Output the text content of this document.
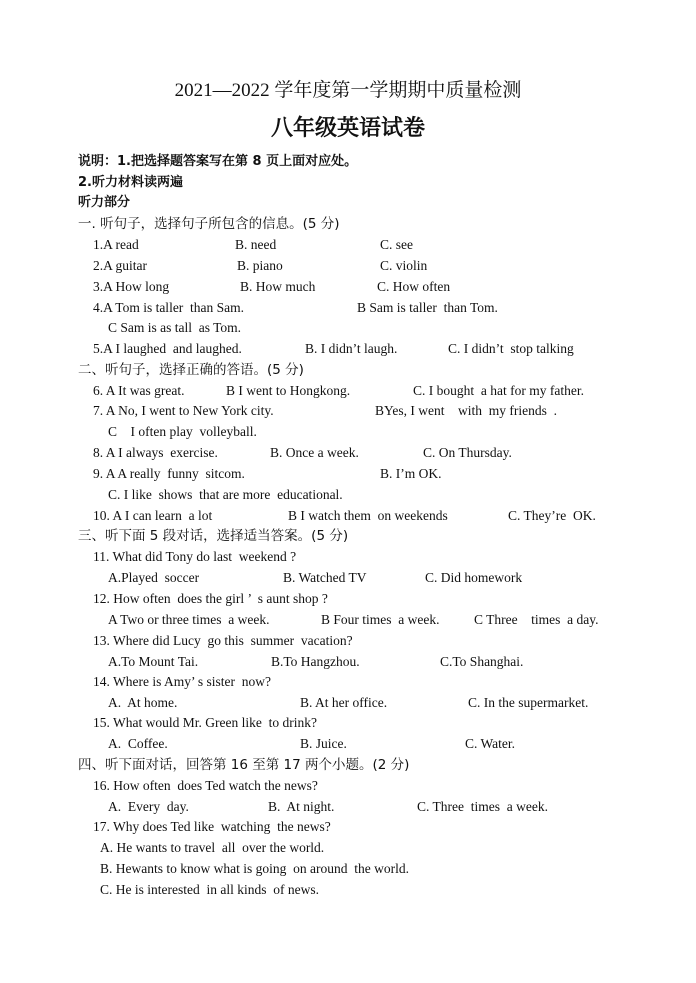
2021—2022 学年度第一学期期中质量检测
八年级英语试卷
说明：1.把选择题答案写在第 8 页上面对应处。
2.听力材料读两遍
听力部分
一. 听句子，选择句子所包含的信息。(5 分)
1.A read	B. need	C. see
2.A guitar	B. piano	C. violin
3.A How long	B. How much	C. How often
4.A Tom is taller  than Sam.	B Sam is taller  than Tom.
C Sam is as tall  as Tom.
5.A I laughed  and laughed.	B. I didn’t laugh.	C. I didn’t  stop talking
二、听句子，选择正确的答语。(5 分)
6. A It was great.	B I went to Hongkong.	C. I bought  a hat for my father.
7. A No, I went to New York city.	BYes, I went    with  my friends  .
C    I often play  volleyball.
8. A I always  exercise.	B. Once a week.	C. On Thursday.
9. A A really  funny  sitcom.	B. I’m OK.
C. I like  shows  that are more  educational.
10. A I can learn  a lot	B I watch them  on weekends	C. They’re  OK.
三、听下面 5 段对话，选择适当答案。(5 分)
11. What did Tony do last  weekend ?
A.Played  soccer	B. Watched TV	C. Did homework
12. How often  does the girl ’  s aunt shop ?
A Two or three times  a week.	B Four times  a week.	C Three    times  a day.
13. Where did Lucy  go this  summer  vacation?
A.To Mount Tai.	B.To Hangzhou.	C.To Shanghai.
14. Where is Amy’ s sister  now?
A.  At home.	B. At her office.	C. In the supermarket.
15. What would Mr. Green like  to drink?
A.  Coffee.	B. Juice.	C. Water.
四、听下面对话，回答第 16 至第 17 两个小题。(2 分)
16. How often  does Ted watch the news?
A.  Every  day.	B.  At night.	C. Three  times  a week.
17. Why does Ted like  watching  the news?
A. He wants to travel  all  over the world.
B. Hewants to know what is going  on around  the world.
C. He is interested  in all kinds  of news.
